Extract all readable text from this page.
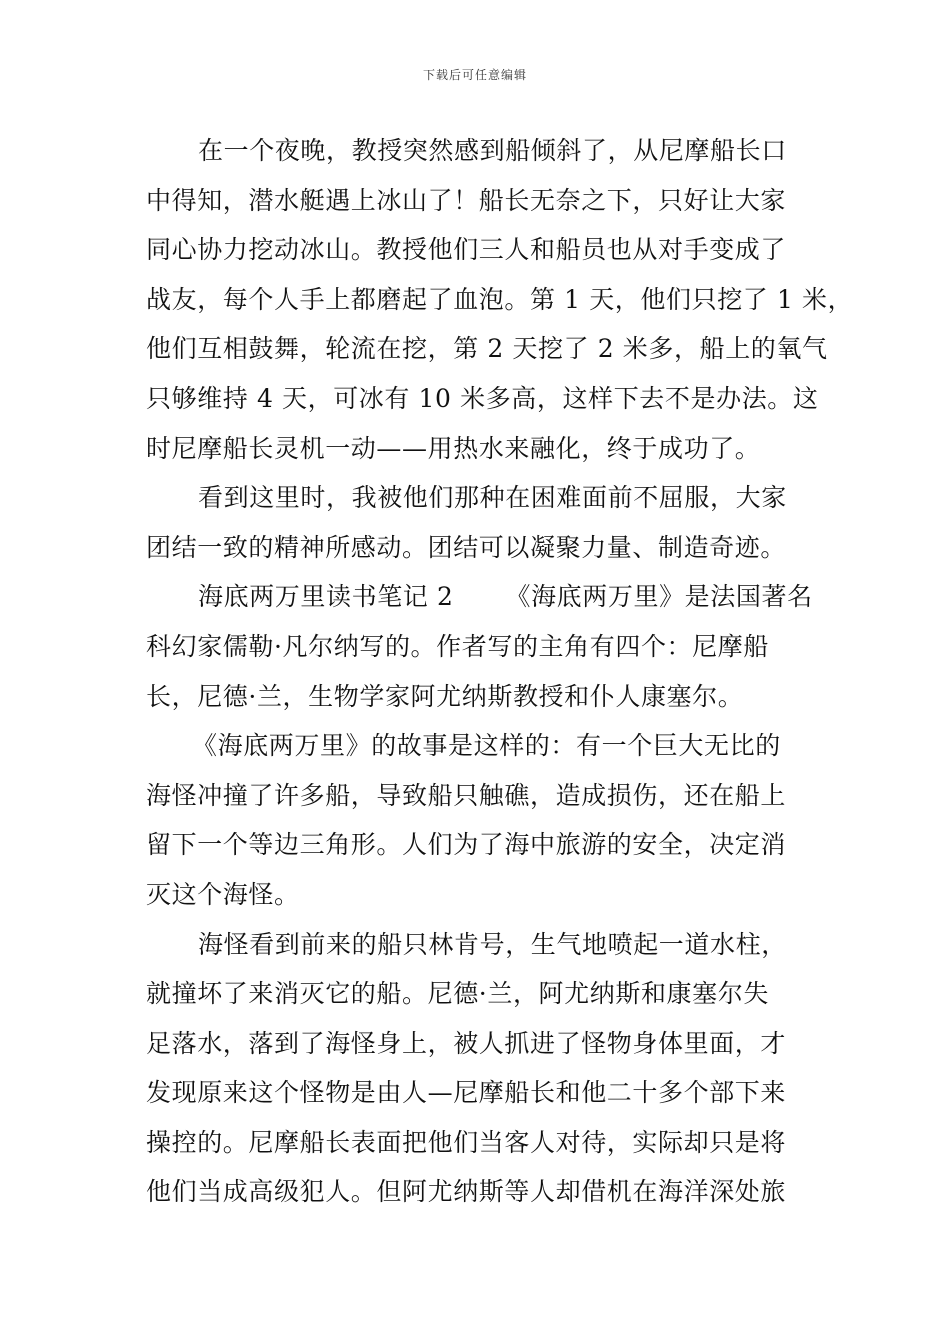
下载后可任意编辑
在一个夜晚，教授突然感到船倾斜了，从尼摩船长口
中得知，潜水艇遇上冰山了！船长无奈之下，只好让大家
同心协力挖动冰山。教授他们三人和船员也从对手变成了
战友，每个人手上都磨起了血泡。第 1 天，他们只挖了 1 米，
他们互相鼓舞，轮流在挖，第 2 天挖了 2 米多，船上的氧气
只够维持 4 天，可冰有 10 米多高，这样下去不是办法。这
时尼摩船长灵机一动——用热水来融化，终于成功了。
看到这里时，我被他们那种在困难面前不屈服，大家
团结一致的精神所感动。团结可以凝聚力量、制造奇迹。
海底两万里读书笔记 2 《海底两万里》是法国著名
科幻家儒勒·凡尔纳写的。作者写的主角有四个：尼摩船
长，尼德·兰，生物学家阿尤纳斯教授和仆人康塞尔。
《海底两万里》的故事是这样的：有一个巨大无比的
海怪冲撞了许多船，导致船只触礁，造成损伤，还在船上
留下一个等边三角形。人们为了海中旅游的安全，决定消
灭这个海怪。
海怪看到前来的船只林肯号，生气地喷起一道水柱，
就撞坏了来消灭它的船。尼德·兰，阿尤纳斯和康塞尔失
足落水，落到了海怪身上，被人抓进了怪物身体里面，才
发现原来这个怪物是由人—尼摩船长和他二十多个部下来
操控的。尼摩船长表面把他们当客人对待，实际却只是将
他们当成高级犯人。但阿尤纳斯等人却借机在海洋深处旅
